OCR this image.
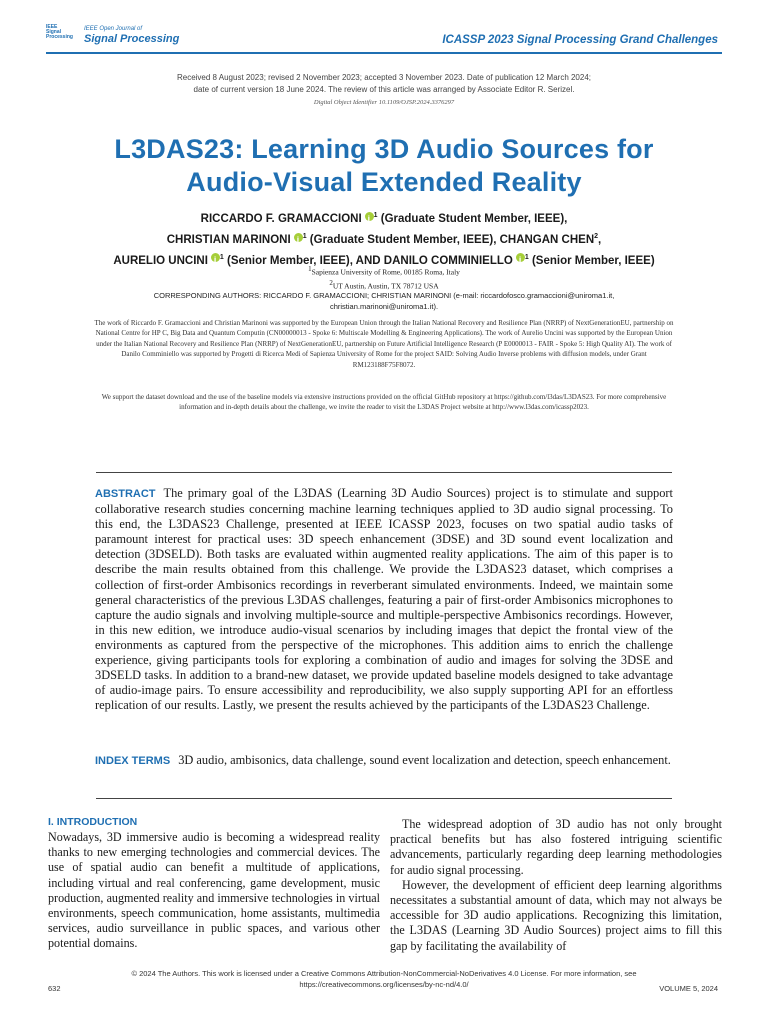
IEEE
Signal
Processing
IEEE Open Journal of
Signal Processing	ICASSP 2023 Signal Processing Grand Challenges
Received 8 August 2023; revised 2 November 2023; accepted 3 November 2023. Date of publication 12 March 2024;
date of current version 18 June 2024. The review of this article was arranged by Associate Editor R. Serizel.
Digital Object Identifier 10.1109/OJSP.2024.3376297
L3DAS23: Learning 3D Audio Sources for
Audio-Visual Extended Reality
RICCARDO F. GRAMACCIONI i $^1$ (Graduate Student Member, IEEE),
CHRISTIAN MARINONI i $^1$ (Graduate Student Member, IEEE), CHANGAN CHEN$^2$,
AURELIO UNCINI i $^1$ (Senior Member, IEEE), AND DANILO COMMINIELLO i $^1$ (Senior Member, IEEE)
$^1$Sapienza University of Rome, 00185 Roma, Italy
$^2$UT Austin, Austin, TX 78712 USA
CORRESPONDING AUTHORS: RICCARDO F. GRAMACCIONI; CHRISTIAN MARINONI (e-mail: riccardofosco.gramaccioni@uniroma1.it,
christian.marinoni@uniroma1.it).
The work of Riccardo F. Gramaccioni and Christian Marinoni was supported by the European Union through the Italian National Recovery and Resilience Plan (NRRP) of NextGenerationEU, partnership on National Centre for HP C, Big Data and Quantum Computin (CN00000013 - Spoke 6: Multiscale Modelling & Engineering Applications). The work of Aurelio Uncini was supported by the European Union under the Italian National Recovery and Resilience Plan (NRRP) of NextGenerationEU, partnership on Future Artificial Intelligence Research (P E0000013 - FAIR - Spoke 5: High Quality AI). The work of Danilo Comminiello was supported by Progetti di Ricerca Medi of Sapienza University of Rome for the project SAID: Solving Audio Inverse problems with diffusion models, under Grant RM123188F75F8072.
We support the dataset download and the use of the baseline models via extensive instructions provided on the official GitHub repository at https://github.com/l3das/L3DAS23. For more comprehensive information and in-depth details about the challenge, we invite the reader to visit the L3DAS Project website at http://www.l3das.com/icassp2023.
ABSTRACT The primary goal of the L3DAS (Learning 3D Audio Sources) project is to stimulate and support collaborative research studies concerning machine learning techniques applied to 3D audio signal processing. To this end, the L3DAS23 Challenge, presented at IEEE ICASSP 2023, focuses on two spatial audio tasks of paramount interest for practical uses: 3D speech enhancement (3DSE) and 3D sound event localization and detection (3DSELD). Both tasks are evaluated within augmented reality applications. The aim of this paper is to describe the main results obtained from this challenge. We provide the L3DAS23 dataset, which comprises a collection of first-order Ambisonics recordings in reverberant simulated environments. Indeed, we maintain some general characteristics of the previous L3DAS challenges, featuring a pair of first-order Ambisonics microphones to capture the audio signals and involving multiple-source and multiple-perspective Ambisonics recordings. However, in this new edition, we introduce audio-visual scenarios by including images that depict the frontal view of the environments as captured from the perspective of the microphones. This addition aims to enrich the challenge experience, giving participants tools for exploring a combination of audio and images for solving the 3DSE and 3DSELD tasks. In addition to a brand-new dataset, we provide updated baseline models designed to take advantage of audio-image pairs. To ensure accessibility and reproducibility, we also supply supporting API for an effortless replication of our results. Lastly, we present the results achieved by the participants of the L3DAS23 Challenge.
INDEX TERMS 3D audio, ambisonics, data challenge, sound event localization and detection, speech enhancement.
I. INTRODUCTION

Nowadays, 3D immersive audio is becoming a widespread reality thanks to new emerging technologies and commercial devices. The use of spatial audio can benefit a multitude of applications, including virtual and real conferencing, game development, music production, augmented reality and immersive technologies in virtual environments, speech communication, home assistants, multimedia services, audio surveillance in public spaces, and various other potential domains.

The widespread adoption of 3D audio has not only brought practical benefits but has also fostered intriguing scientific advancements, particularly regarding deep learning methodologies for audio signal processing.

However, the development of efficient deep learning algorithms necessitates a substantial amount of data, which may not always be accessible for 3D audio applications. Recognizing this limitation, the L3DAS (Learning 3D Audio Sources) project aims to fill this gap by facilitating the availability of

© 2024 The Authors. This work is licensed under a Creative Commons Attribution-NonCommercial-NoDerivatives 4.0 License. For more information, see
https://creativecommons.org/licenses/by-nc-nd/4.0/
632	VOLUME 5, 2024
